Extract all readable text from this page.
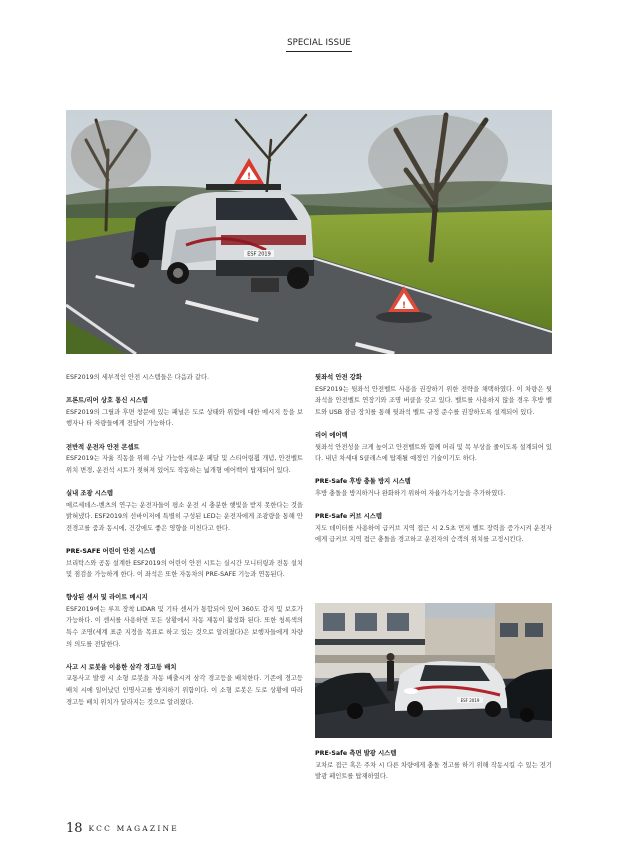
SPECIAL ISSUE
ESF 2019
!
!
ESF2019의 세부적인 안전 시스템들은 다음과 같다.
프론트/리어 상호 통신 시스템
ESF2019의 그릴과 후면 창문에 있는 패널은 도로 상태와 위험에 대한 메시지 등을 보행자나 타 차량들에게 전달이 가능하다.
전반적 운전자 안전 콘셉트
ESF2019는 자율 직동을 위해 수납 가능한 새로운 페달 및 스티어링휠 개념, 안전벨트 위치 변경, 운전석 시트가 젖혀져 있어도 작동하는 넓개형 에어백이 탑재되어 있다.
실내 조광 시스템
메르세데스-벤츠의 연구는 운전자들이 평소 운전 시 충분한 햇빛을 받지 못한다는 것을 밝혀냈다. ESF2019의 선바이저에 특별히 구성된 LED는 운전자에게 조광량을 통해 안전경고를 줌과 동시에, 건강에도 좋은 영향을 미친다고 한다.
PRE-SAFE 어린이 안전 시스템
브리탁스와 공동 설계한 ESF2019의 어린이 안전 시트는 실시간 모니터링과 전동 설치및 점검을 가능하게 한다. 이 좌석은 또한 자동차의 PRE-SAFE 기능과 연동된다.
향상된 센서 및 라이트 메시지
ESF2019에는 루프 장착 LIDAR 및 기타 센서가 통합되어 있어 360도 감지 및 보호가 가능하다. 이 센서를 사용하면 모든 상황에서 자동 제동이 활성화 된다. 또한 청록색의 특수 조명(세계 표준 지정을 목표로 하고 있는 것으로 알려졌다)은 보행자들에게 차량의 의도를 전달한다.
사고 시 로봇을 이용한 삼각 경고등 배치
교통사고 발생 시 소형 로봇을 자동 배출시켜 삼각 경고등을 배치한다. 기존에 경고등 배치 시에 일어났던 인명사고를 방지하기 위함이다. 이 소형 로봇은 도로 상황에 따라 경고등 배치 위치가 달라지는 것으로 알려졌다.
뒷좌석 안전 강화
ESF2019는 뒷좌석 안전벨트 사용을 권장하기 위한 전략을 채택하였다. 이 차량은 뒷좌석을 안전벨트 연장기와 조명 버클을 갖고 있다. 벨트를 사용하지 않을 경우 후방 벨트와 USB 잠금 장치를 통해 뒷좌석 벨트 규정 준수를 권장하도록 설계되어 있다.
리어 에어백
뒷좌석 안전성을 크게 높이고 안전벨트와 함께 머리 및 목 부상을 줄이도록 설계되어 있다. 내년 차세대 S클래스에 탑재될 예정인 기술이기도 하다.
PRE-Safe 후방 충돌 방지 시스템
후방 충돌을 방지하거나 완화하기 위하여 자율가속기능을 추가하였다.
PRE-Safe 커브 시스템
지도 데이터를 사용하여 급커브 지역 접근 시 2.5초 먼저 벨트 장력을 증가시켜 운전자에게 급커브 지역 접근 충돌을 경고하고 운전자의 승객의 위치를 고정시킨다.
ESF 2019
PRE-Safe 측면 발광 시스템
교차로 접근 혹은 주차 시 다른 차량에게 충돌 경고를 하기 위해 작동시킬 수 있는 전기 발광 페인트를 탑재하였다.
18 KCC MAGAZINE
